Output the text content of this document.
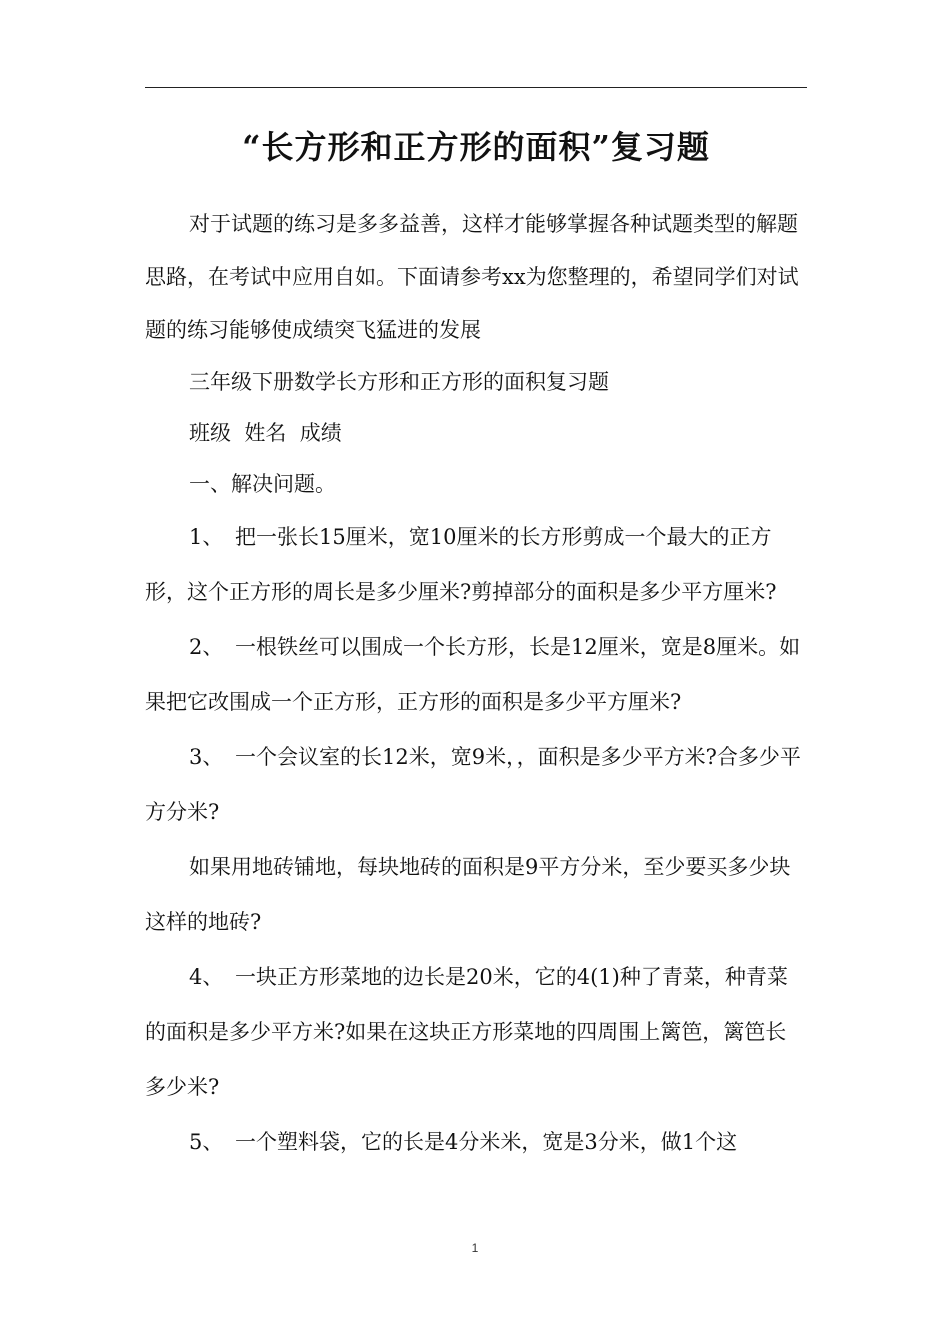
“长方形和正方形的面积”复习题

对于试题的练习是多多益善，这样才能够掌握各种试题类型的解题思路，在考试中应用自如。下面请参考xx为您整理的，希望同学们对试题的练习能够使成绩突飞猛进的发展

三年级下册数学长方形和正方形的面积复习题

班级  姓名  成绩

一、解决问题。

1、 把一张长15厘米，宽10厘米的长方形剪成一个最大的正方形，这个正方形的周长是多少厘米?剪掉部分的面积是多少平方厘米?

2、 一根铁丝可以围成一个长方形，长是12厘米，宽是8厘米。如果把它改围成一个正方形，正方形的面积是多少平方厘米?

3、 一个会议室的长12米，宽9米，，面积是多少平方米?合多少平方分米?

如果用地砖铺地，每块地砖的面积是9平方分米，至少要买多少块这样的地砖?

4、 一块正方形菜地的边长是20米，它的4(1)种了青菜，种青菜的面积是多少平方米?如果在这块正方形菜地的四周围上篱笆，篱笆长多少米?

5、 一个塑料袋，它的长是4分米米，宽是3分米，做1个这

1
